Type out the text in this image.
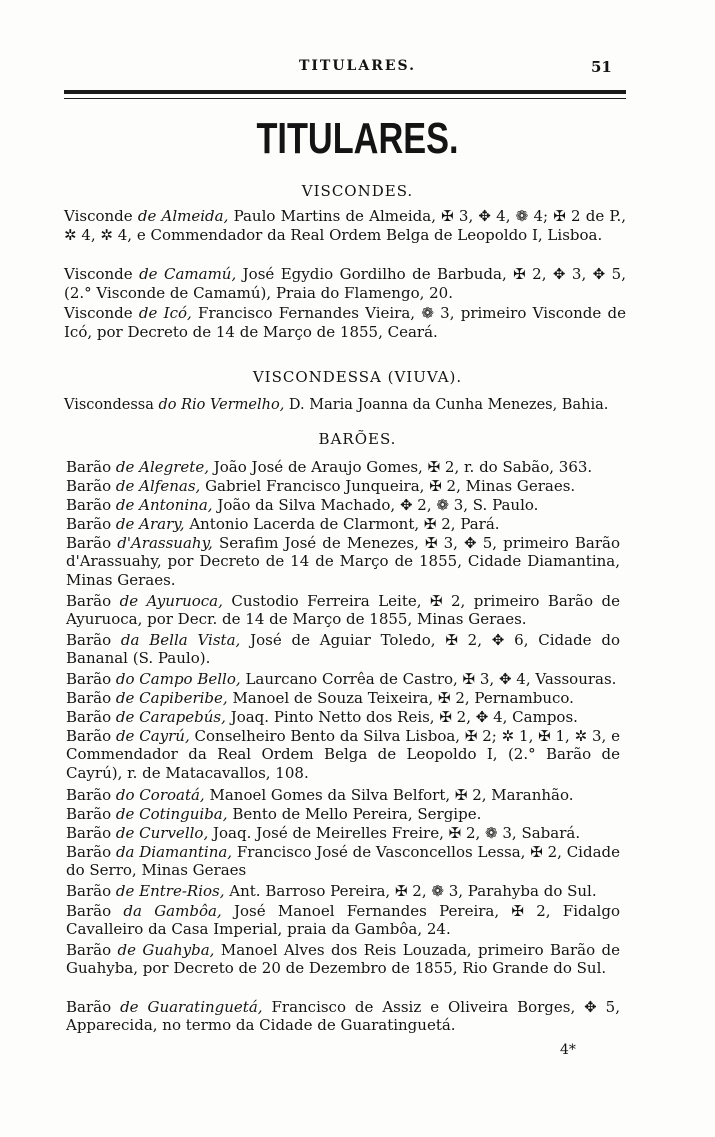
TITULARES.	51
TITULARES.
VISCONDES.
Visconde de Almeida, Paulo Martins de Almeida, ✠ 3, ✥ 4, ❁ 4; ✠ 2 de P., ✲ 4, ✲ 4, e Commendador da Real Ordem Belga de Leopoldo I, Lisboa.
Visconde de Camamú, José Egydio Gordilho de Barbuda, ✠ 2, ✥ 3, ✥ 5, (2.° Visconde de Camamú), Praia do Flamengo, 20.
Visconde de Icó, Francisco Fernandes Vieira, ❁ 3, primeiro Visconde de Icó, por Decreto de 14 de Março de 1855, Ceará.
VISCONDESSA (VIUVA).
Viscondessa do Rio Vermelho, D. Maria Joanna da Cunha Menezes, Bahia.
BARÕES.
Barão de Alegrete, João José de Araujo Gomes, ✠ 2, r. do Sabão, 363.
Barão de Alfenas, Gabriel Francisco Junqueira, ✠ 2, Minas Geraes.
Barão de Antonina, João da Silva Machado, ✥ 2, ❁ 3, S. Paulo.
Barão de Arary, Antonio Lacerda de Clarmont, ✠ 2, Pará.
Barão d'Arassuahy, Serafim José de Menezes, ✠ 3, ✥ 5, primeiro Barão d'Arassuahy, por Decreto de 14 de Março de 1855, Cidade Diamantina, Minas Geraes.
Barão de Ayuruoca, Custodio Ferreira Leite, ✠ 2, primeiro Barão de Ayuruoca, por Decr. de 14 de Março de 1855, Minas Geraes.
Barão da Bella Vista, José de Aguiar Toledo, ✠ 2, ✥ 6, Cidade do Bananal (S. Paulo).
Barão do Campo Bello, Laurcano Corrêa de Castro, ✠ 3, ✥ 4, Vassouras.
Barão de Capiberibe, Manoel de Souza Teixeira, ✠ 2, Pernambuco.
Barão de Carapebús, Joaq. Pinto Netto dos Reis, ✠ 2, ✥ 4, Campos.
Barão de Cayrú, Conselheiro Bento da Silva Lisboa, ✠ 2; ✲ 1, ✠ 1, ✲ 3, e Commendador da Real Ordem Belga de Leopoldo I, (2.° Barão de Cayrú), r. de Matacavallos, 108.
Barão do Coroatá, Manoel Gomes da Silva Belfort, ✠ 2, Maranhão.
Barão de Cotinguiba, Bento de Mello Pereira, Sergipe.
Barão de Curvello, Joaq. José de Meirelles Freire, ✠ 2, ❁ 3, Sabará.
Barão da Diamantina, Francisco José de Vasconcellos Lessa, ✠ 2, Cidade do Serro, Minas Geraes
Barão de Entre-Rios, Ant. Barroso Pereira, ✠ 2, ❁ 3, Parahyba do Sul.
Barão da Gambôa, José Manoel Fernandes Pereira, ✠ 2, Fidalgo Cavalleiro da Casa Imperial, praia da Gambôa, 24.
Barão de Guahyba, Manoel Alves dos Reis Louzada, primeiro Barão de Guahyba, por Decreto de 20 de Dezembro de 1855, Rio Grande do Sul.
Barão de Guaratinguetá, Francisco de Assiz e Oliveira Borges, ✥ 5, Apparecida, no termo da Cidade de Guaratinguetá.
4*
